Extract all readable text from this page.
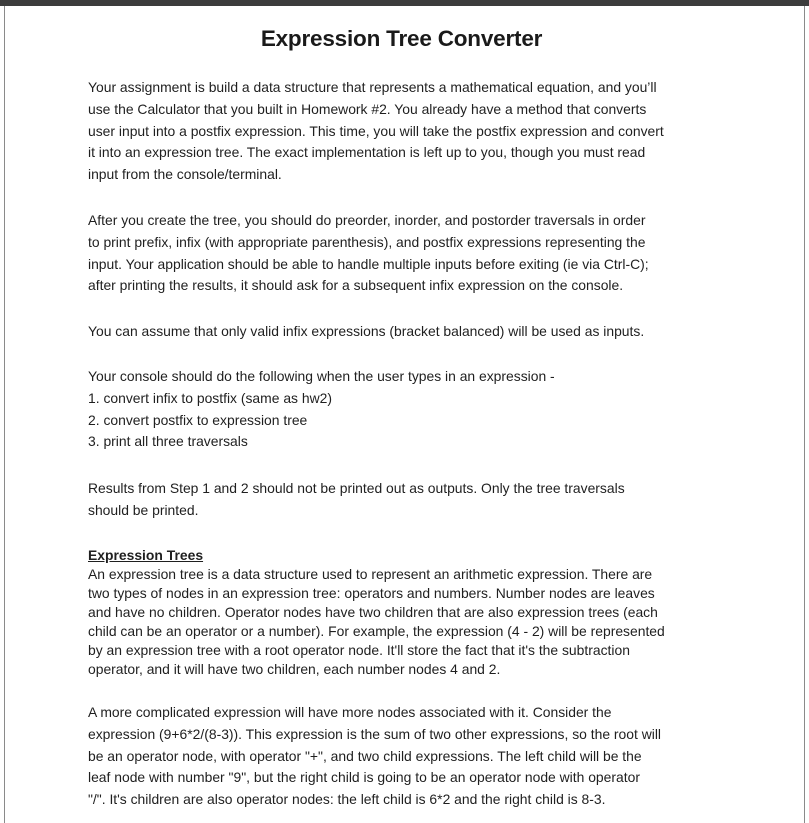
Expression Tree Converter
Your assignment is build a data structure that represents a mathematical equation, and you’ll
use the Calculator that you built in Homework #2. You already have a method that converts
user input into a postfix expression. This time, you will take the postfix expression and convert
it into an expression tree. The exact implementation is left up to you, though you must read
input from the console/terminal.
After you create the tree, you should do preorder, inorder, and postorder traversals in order
to print prefix, infix (with appropriate parenthesis), and postfix expressions representing the
input. Your application should be able to handle multiple inputs before exiting (ie via Ctrl-C);
after printing the results, it should ask for a subsequent infix expression on the console.
You can assume that only valid infix expressions (bracket balanced) will be used as inputs.
Your console should do the following when the user types in an expression -
1. convert infix to postfix (same as hw2)
2. convert postfix to expression tree
3. print all three traversals
Results from Step 1 and 2 should not be printed out as outputs. Only the tree traversals
should be printed.
Expression Trees
An expression tree is a data structure used to represent an arithmetic expression. There are
two types of nodes in an expression tree: operators and numbers. Number nodes are leaves
and have no children. Operator nodes have two children that are also expression trees (each
child can be an operator or a number). For example, the expression (4 - 2) will be represented
by an expression tree with a root operator node. It'll store the fact that it's the subtraction
operator, and it will have two children, each number nodes 4 and 2.
A more complicated expression will have more nodes associated with it. Consider the
expression (9+6*2/(8-3)). This expression is the sum of two other expressions, so the root will
be an operator node, with operator "+", and two child expressions. The left child will be the
leaf node with number "9", but the right child is going to be an operator node with operator
"/". It's children are also operator nodes: the left child is 6*2 and the right child is 8-3.
